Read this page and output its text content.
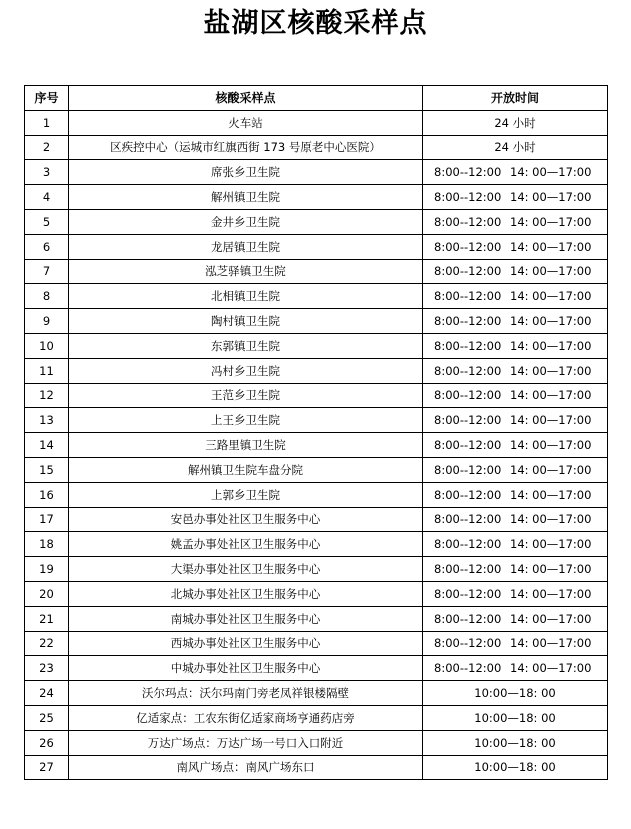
盐湖区核酸采样点
序号	核酸采样点	开放时间
1	火车站	24 小时
2	区疾控中心（运城市红旗西街 173 号原老中心医院）	24 小时
3	席张乡卫生院	8:00--12:00 14: 00—17:00
4	解州镇卫生院	8:00--12:00 14: 00—17:00
5	金井乡卫生院	8:00--12:00 14: 00—17:00
6	龙居镇卫生院	8:00--12:00 14: 00—17:00
7	泓芝驿镇卫生院	8:00--12:00 14: 00—17:00
8	北相镇卫生院	8:00--12:00 14: 00—17:00
9	陶村镇卫生院	8:00--12:00 14: 00—17:00
10	东郭镇卫生院	8:00--12:00 14: 00—17:00
11	冯村乡卫生院	8:00--12:00 14: 00—17:00
12	王范乡卫生院	8:00--12:00 14: 00—17:00
13	上王乡卫生院	8:00--12:00 14: 00—17:00
14	三路里镇卫生院	8:00--12:00 14: 00—17:00
15	解州镇卫生院车盘分院	8:00--12:00 14: 00—17:00
16	上郭乡卫生院	8:00--12:00 14: 00—17:00
17	安邑办事处社区卫生服务中心	8:00--12:00 14: 00—17:00
18	姚孟办事处社区卫生服务中心	8:00--12:00 14: 00—17:00
19	大渠办事处社区卫生服务中心	8:00--12:00 14: 00—17:00
20	北城办事处社区卫生服务中心	8:00--12:00 14: 00—17:00
21	南城办事处社区卫生服务中心	8:00--12:00 14: 00—17:00
22	西城办事处社区卫生服务中心	8:00--12:00 14: 00—17:00
23	中城办事处社区卫生服务中心	8:00--12:00 14: 00—17:00
24	沃尔玛点：沃尔玛南门旁老凤祥银楼隔壁	10:00—18: 00
25	亿适家点：工农东街亿适家商场亨通药店旁	10:00—18: 00
26	万达广场点：万达广场一号口入口附近	10:00—18: 00
27	南风广场点：南风广场东口	10:00—18: 00
